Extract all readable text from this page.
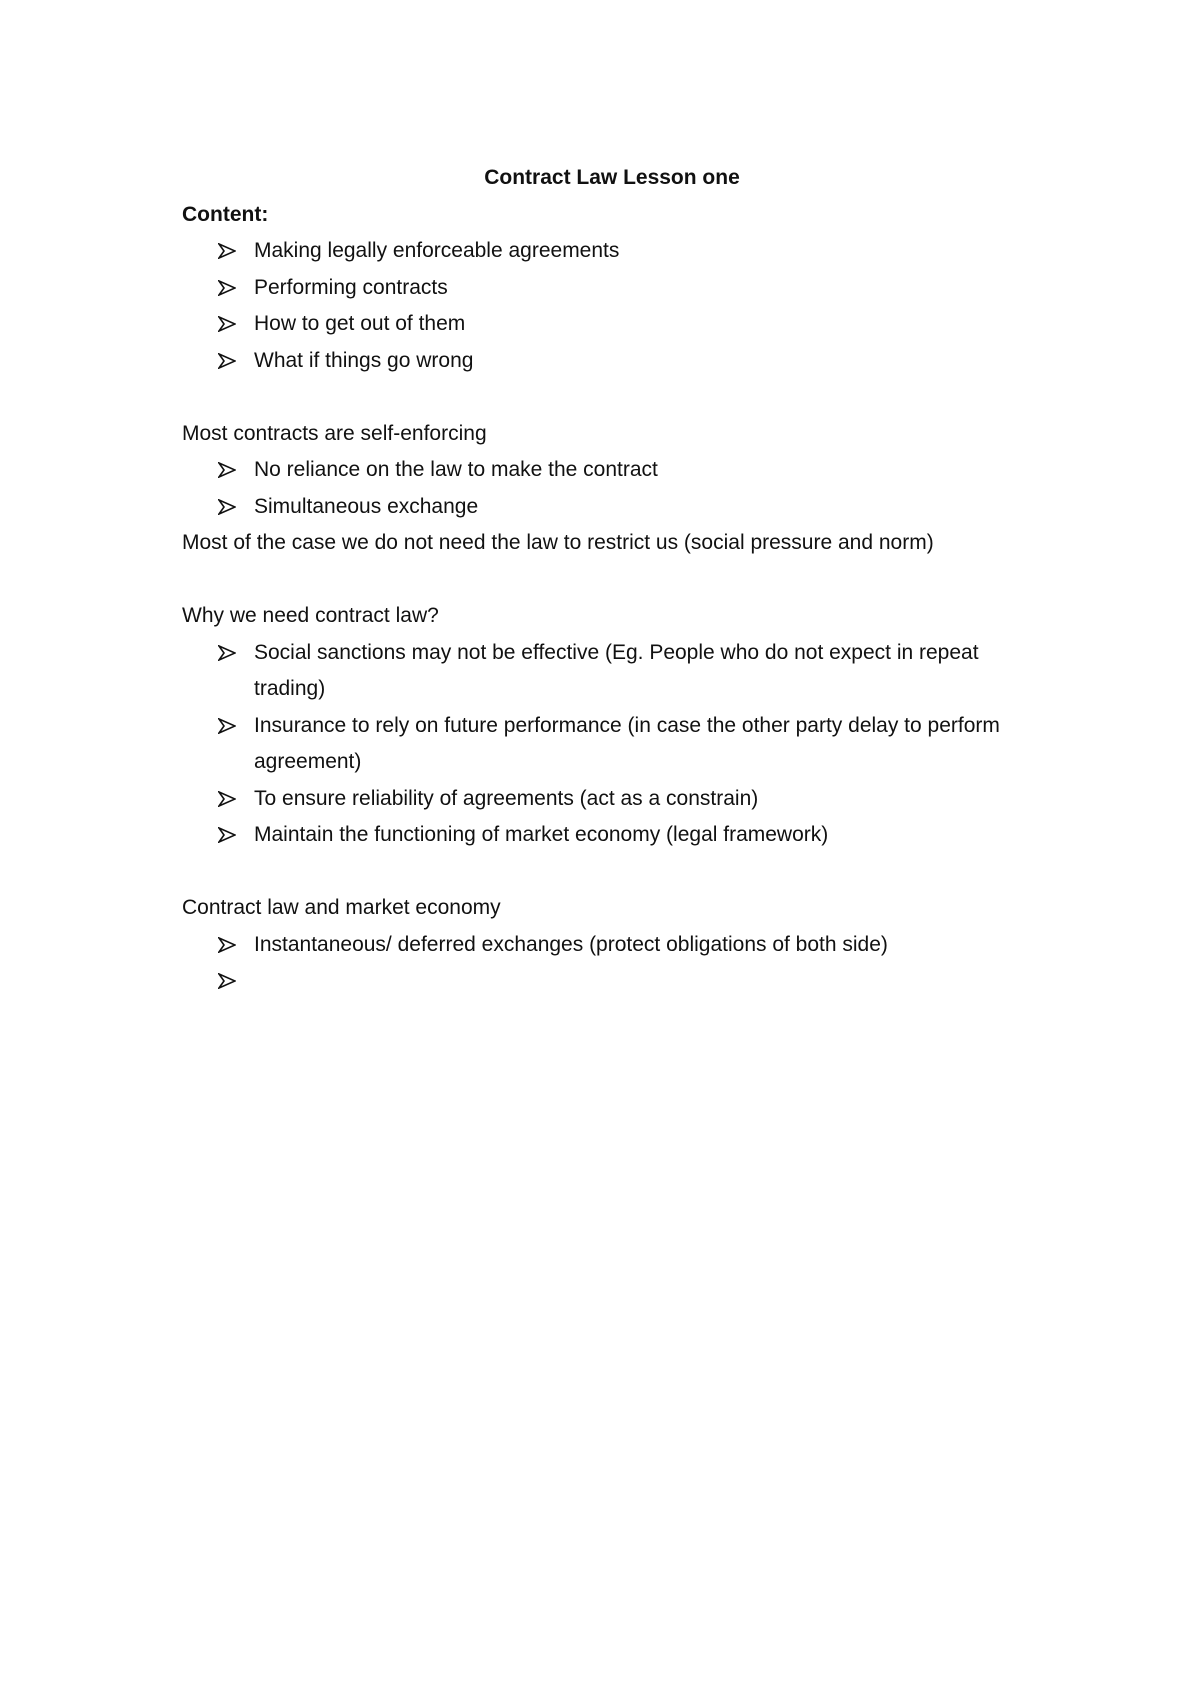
Contract Law Lesson one

Content:

Making legally enforceable agreements
Performing contracts
How to get out of them
What if things go wrong

Most contracts are self-enforcing

No reliance on the law to make the contract
Simultaneous exchange

Most of the case we do not need the law to restrict us (social pressure and norm)

Why we need contract law?

Social sanctions may not be effective (Eg. People who do not expect in repeat trading)
Insurance to rely on future performance (in case the other party delay to perform agreement)
To ensure reliability of agreements (act as a constrain)
Maintain the functioning of market economy (legal framework)

Contract law and market economy

Instantaneous/ deferred exchanges (protect obligations of both side)
